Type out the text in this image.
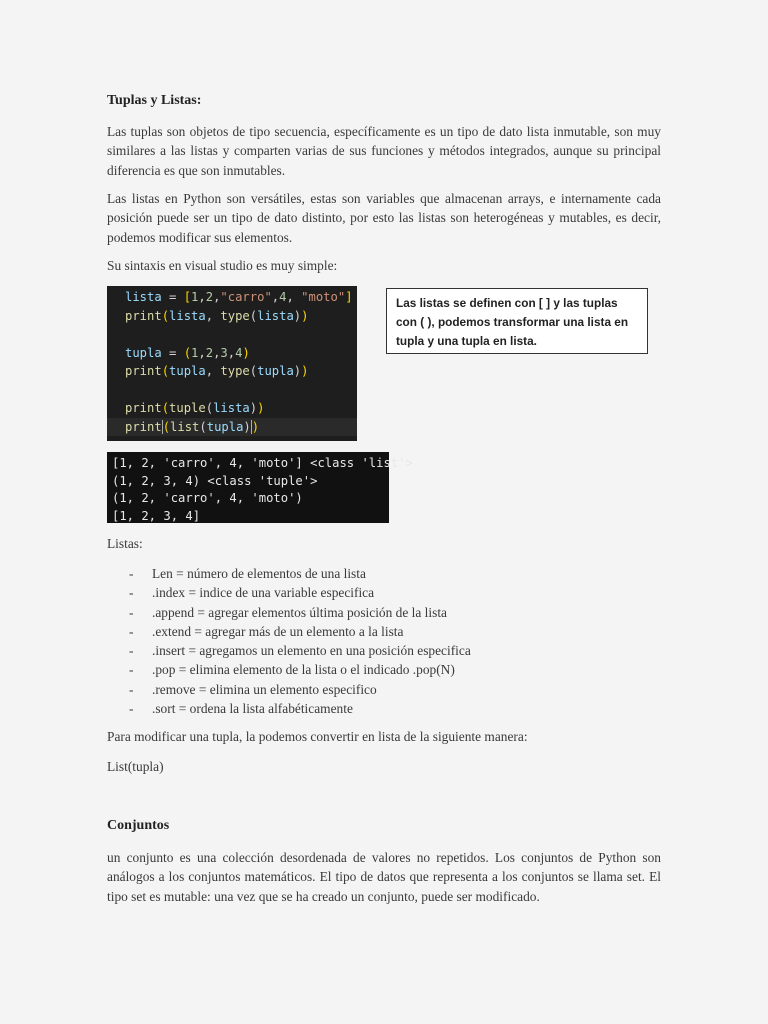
Tuplas y Listas:

Las tuplas son objetos de tipo secuencia, específicamente es un tipo de dato lista inmutable, son muy similares a las listas y comparten varias de sus funciones y métodos integrados, aunque su principal diferencia es que son inmutables.

Las listas en Python son versátiles, estas son variables que almacenan arrays, e internamente cada posición puede ser un tipo de dato distinto, por esto las listas son heterogéneas y mutables, es decir, podemos modificar sus elementos.

Su sintaxis en visual studio es muy simple:
lista = [1,2,"carro",4, "moto"]
print(lista, type(lista))

tupla = (1,2,3,4)
print(tupla, type(tupla))

print(tuple(lista))
print(list(tupla))
[1, 2, 'carro', 4, 'moto'] <class 'list'>
(1, 2, 3, 4) <class 'tuple'>
(1, 2, 'carro', 4, 'moto')
[1, 2, 3, 4]
Las listas se definen con [ ] y las tuplas con ( ), podemos transformar una lista en tupla y una tupla en lista.
Listas:
- Len = número de elementos de una lista
- .index = indice de una variable especifica
- .append = agregar elementos última posición de la lista
- .extend = agregar más de un elemento a la lista
- .insert = agregamos un elemento en una posición especifica
- .pop = elimina elemento de la lista o el indicado .pop(N)
- .remove = elimina un elemento especifico
- .sort = ordena la lista alfabéticamente
Para modificar una tupla, la podemos convertir en lista de la siguiente manera:
List(tupla)
Conjuntos

un conjunto es una colección desordenada de valores no repetidos. Los conjuntos de Python son análogos a los conjuntos matemáticos. El tipo de datos que representa a los conjuntos se llama set. El tipo set es mutable: una vez que se ha creado un conjunto, puede ser modificado.
